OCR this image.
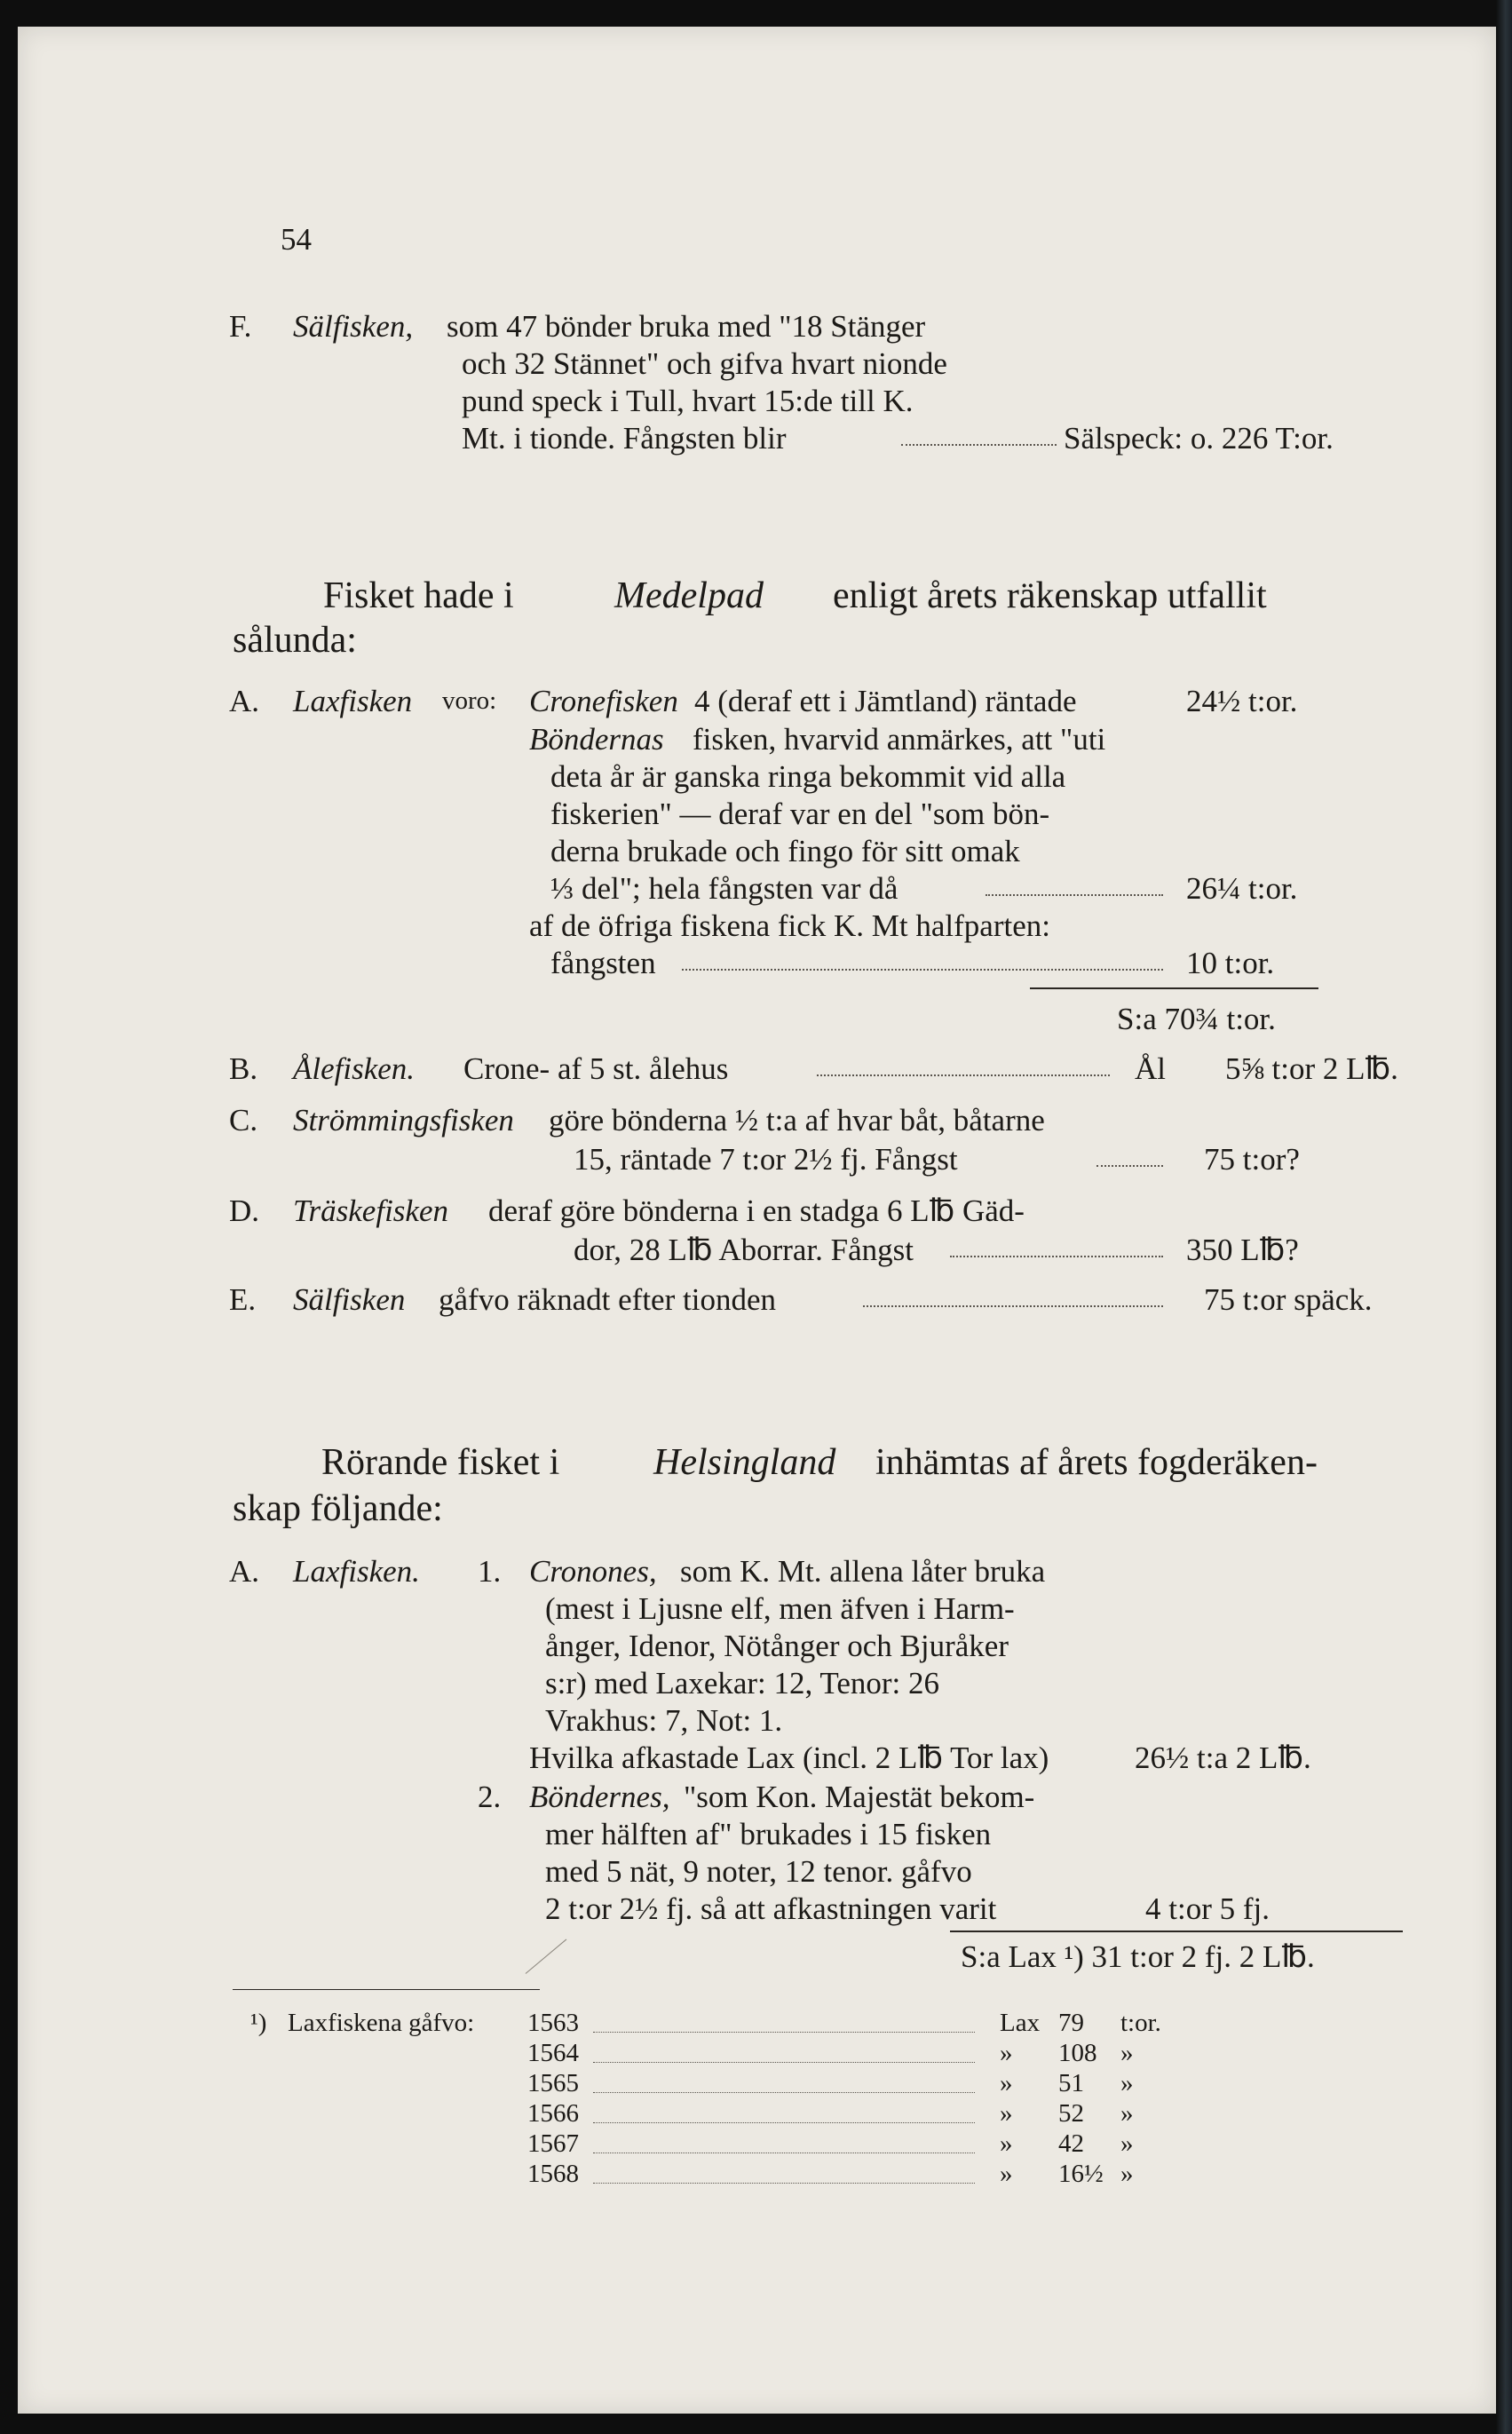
54
F. Sälfisken, som 47 bönder bruka med "18 Stänger
och 32 Stännet" och gifva hvart nionde
pund speck i Tull, hvart 15:de till K.
Mt. i tionde. Fångsten blir	Sälspeck: o. 226 T:or.
Fisket hade i	Medelpad enligt årets räkenskap utfallit
sålunda:
A. Laxfisken voro: Cronefisken 4 (deraf ett i Jämtland) räntade	24½ t:or.
Böndernas fisken, hvarvid anmärkes, att "uti
deta år är ganska ringa bekommit vid alla
fiskerien" — deraf var en del "som bön-
derna brukade och fingo för sitt omak
⅓ del"; hela fångsten var då	26¼ t:or.
af de öfriga fiskena fick K. Mt halfparten:
fångsten	10 t:or.
S:a 70¾ t:or.
B. Ålefisken. Crone- af 5 st. ålehus	Ål 5⅝ t:or 2 L℔.
C. Strömmingsfisken göre bönderna ½ t:a af hvar båt, båtarne
15, räntade 7 t:or 2½ fj. Fångst	75 t:or?
D. Träskefisken deraf göre bönderna i en stadga 6 L℔ Gäd-
dor, 28 L℔ Aborrar. Fångst	350 L℔?
E. Sälfisken gåfvo räknadt efter tionden	75 t:or späck.
Rörande fisket i	Helsingland inhämtas af årets fogderäken-
skap följande:
A. Laxfisken. 1. Cronones, som K. Mt. allena låter bruka
(mest i Ljusne elf, men äfven i Harm-
ånger, Idenor, Nötånger och Bjuråker
s:r) med Laxekar: 12, Tenor: 26
Vrakhus: 7, Not: 1.
Hvilka afkastade Lax (incl. 2 L℔ Tor lax)	26½ t:a 2 L℔.
2. Böndernes, "som Kon. Majestät bekom-
mer hälften af" brukades i 15 fisken
med 5 nät, 9 noter, 12 tenor. gåfvo
2 t:or 2½ fj. så att afkastningen varit	4 t:or 5 fj.
S:a Lax ¹) 31 t:or 2 fj. 2 L℔.
¹) Laxfiskena gåfvo: 1563	Lax 79 t:or.
1564	» 108 »
1565	» 51 »
1566	» 52 »
1567	» 42 »
1568	» 16½ »
